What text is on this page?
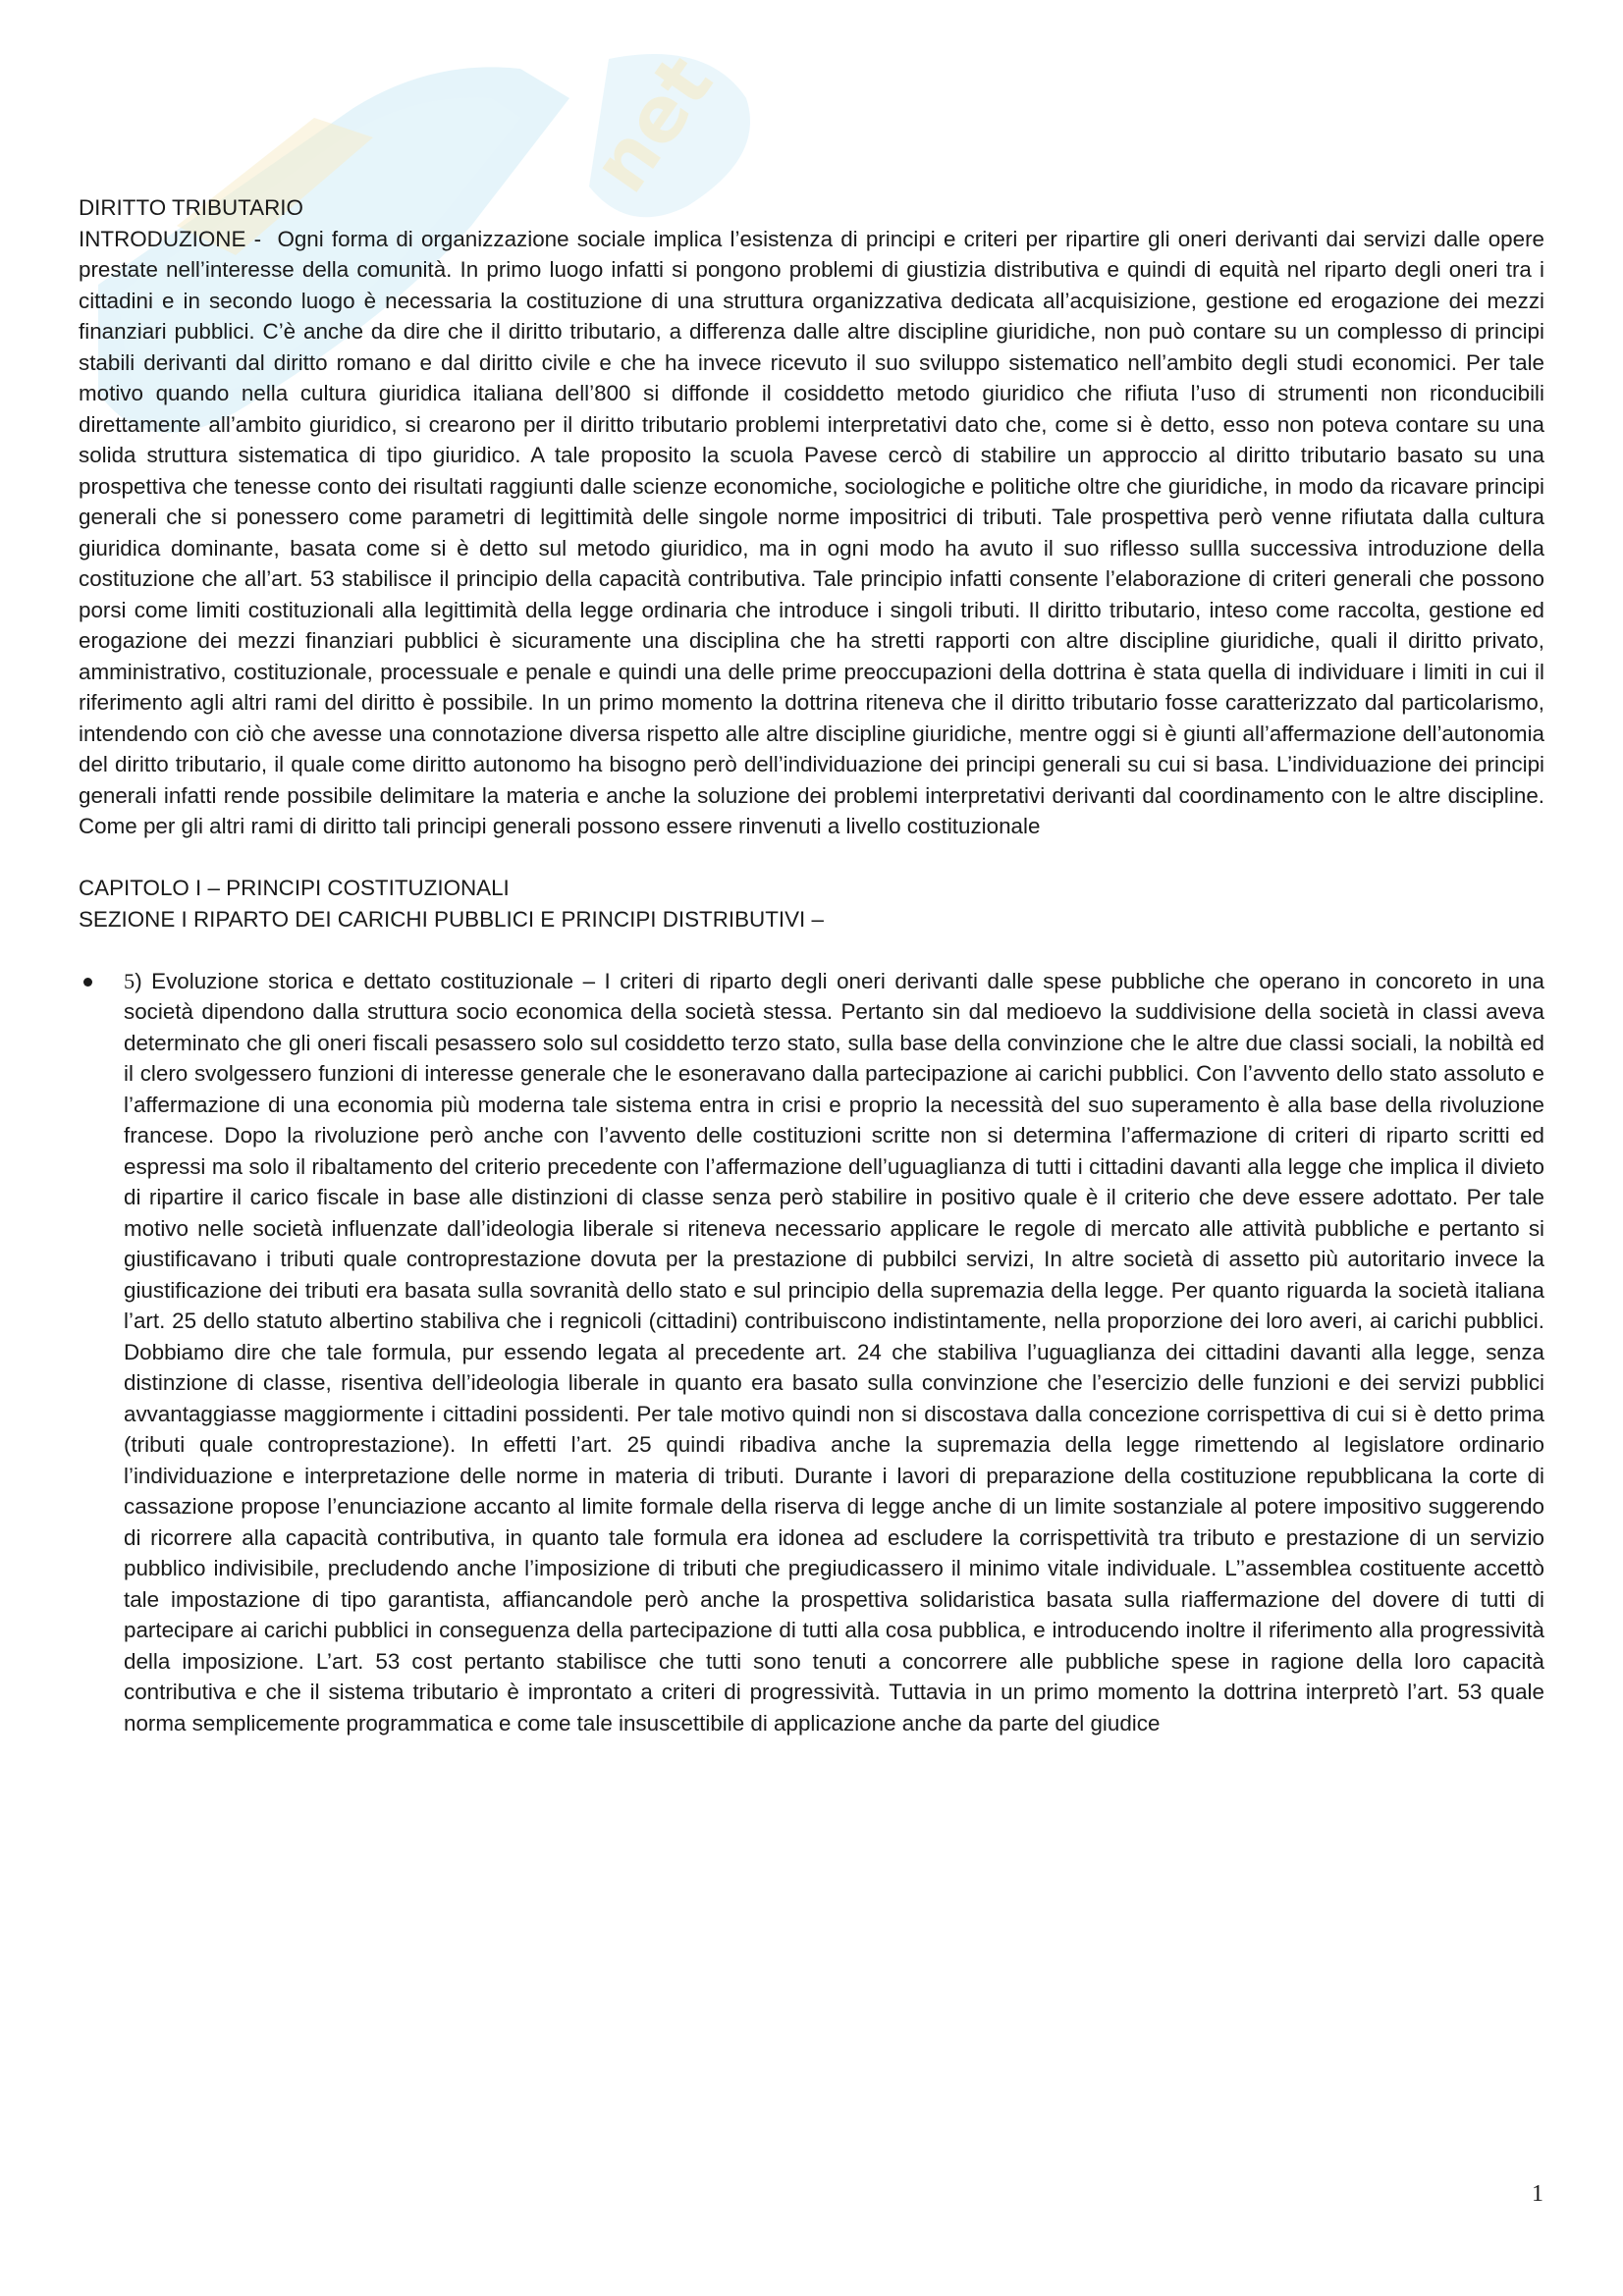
net

DIRITTO TRIBUTARIO

INTRODUZIONE -  Ogni forma di organizzazione sociale implica l’esistenza di principi e criteri per ripartire gli oneri derivanti dai servizi dalle opere prestate nell’interesse della comunità. In primo luogo infatti si pongono problemi di giustizia distributiva e quindi di equità nel riparto degli oneri tra i cittadini e in secondo luogo è necessaria la costituzione di una struttura organizzativa dedicata all’acquisizione, gestione ed erogazione dei mezzi finanziari pubblici. C’è anche da dire che il diritto tributario, a differenza dalle altre discipline giuridiche, non può contare su un complesso di principi stabili derivanti dal diritto romano e dal diritto civile e che ha invece ricevuto il suo sviluppo sistematico nell’ambito degli studi economici. Per tale motivo quando nella cultura giuridica italiana dell’800 si diffonde il cosiddetto metodo giuridico che rifiuta l’uso di strumenti non riconducibili direttamente all’ambito giuridico, si crearono per il diritto tributario problemi interpretativi dato che, come si è detto, esso non poteva contare su una solida struttura sistematica di tipo giuridico. A tale proposito la scuola Pavese cercò di stabilire un approccio al diritto tributario basato su una prospettiva che tenesse conto dei risultati raggiunti dalle scienze economiche, sociologiche e politiche oltre che giuridiche, in modo da ricavare principi generali che si ponessero come parametri di legittimità delle singole norme impositrici di tributi. Tale prospettiva però venne rifiutata dalla cultura giuridica dominante, basata come si è detto sul metodo giuridico, ma in ogni modo ha avuto il suo riflesso sullla successiva introduzione della costituzione che all’art. 53 stabilisce il principio della capacità contributiva. Tale principio infatti consente l’elaborazione di criteri generali che possono porsi come limiti costituzionali alla legittimità della legge ordinaria che introduce i singoli tributi. Il diritto tributario, inteso come raccolta, gestione ed erogazione dei mezzi finanziari pubblici è sicuramente una disciplina che ha stretti rapporti con altre discipline giuridiche, quali il diritto privato, amministrativo, costituzionale, processuale e penale e quindi una delle prime preoccupazioni della dottrina è stata quella di individuare i limiti in cui il riferimento agli altri rami del diritto è possibile. In un primo momento la dottrina riteneva che il diritto tributario fosse caratterizzato dal particolarismo, intendendo con ciò che avesse una connotazione diversa rispetto alle altre discipline giuridiche, mentre oggi si è giunti all’affermazione dell’autonomia del diritto tributario, il quale come diritto autonomo ha bisogno però dell’individuazione dei principi generali su cui si basa. L’individuazione dei principi generali infatti rende possibile delimitare la materia e anche la soluzione dei problemi interpretativi derivanti dal coordinamento con le altre discipline. Come per gli altri rami di diritto tali principi generali possono essere rinvenuti a livello costituzionale

CAPITOLO I – PRINCIPI COSTITUZIONALI

SEZIONE I RIPARTO DEI CARICHI PUBBLICI E PRINCIPI DISTRIBUTIVI –

5) Evoluzione storica e dettato costituzionale – I criteri di riparto degli oneri derivanti dalle spese pubbliche che operano in concoreto in una società dipendono dalla struttura socio economica della società stessa. Pertanto sin dal medioevo la suddivisione della società in classi aveva determinato che gli oneri fiscali pesassero solo sul cosiddetto terzo stato, sulla base della convinzione che le altre due classi sociali, la nobiltà ed il clero svolgessero funzioni di interesse generale che le esoneravano dalla partecipazione ai carichi pubblici. Con l’avvento dello stato assoluto e l’affermazione di una economia più moderna tale sistema entra in crisi e proprio la necessità del suo superamento è alla base della rivoluzione francese. Dopo la rivoluzione però anche con l’avvento delle costituzioni scritte non si determina l’affermazione di criteri di riparto scritti ed espressi ma solo il ribaltamento del criterio precedente con l’affermazione dell’uguaglianza di tutti i cittadini davanti alla legge che implica il divieto di ripartire il carico fiscale in base alle distinzioni di classe senza però stabilire in positivo quale è il criterio che deve essere adottato. Per tale motivo nelle società influenzate dall’ideologia liberale si riteneva necessario applicare le regole di mercato alle attività pubbliche e pertanto si giustificavano i tributi quale controprestazione dovuta per la prestazione di pubbilci servizi, In altre società di assetto più autoritario invece la giustificazione dei tributi era basata sulla sovranità dello stato e sul principio della supremazia della legge. Per quanto riguarda la società italiana l’art. 25 dello statuto albertino stabiliva che i regnicoli (cittadini) contribuiscono indistintamente, nella proporzione dei loro averi, ai carichi pubblici. Dobbiamo dire che tale formula, pur essendo legata al precedente art. 24 che stabiliva l’uguaglianza dei cittadini davanti alla legge, senza distinzione di classe, risentiva dell’ideologia liberale in quanto era basato sulla convinzione che l’esercizio delle funzioni e dei servizi pubblici avvantaggiasse maggiormente i cittadini possidenti. Per tale motivo quindi non si discostava dalla concezione corrispettiva di cui si è detto prima (tributi quale controprestazione). In effetti l’art. 25 quindi ribadiva anche la supremazia della legge rimettendo al legislatore ordinario l’individuazione e interpretazione delle norme in materia di tributi. Durante i lavori di preparazione della costituzione repubblicana la corte di cassazione propose l’enunciazione accanto al limite formale della riserva di legge anche di un limite sostanziale al potere impositivo suggerendo di ricorrere alla capacità contributiva, in quanto tale formula era idonea ad escludere la corrispettività tra tributo e prestazione di un servizio pubblico indivisibile, precludendo anche l’imposizione di tributi che pregiudicassero il minimo vitale individuale. L’’assemblea costituente accettò tale impostazione di tipo garantista, affiancandole però anche la prospettiva solidaristica basata sulla riaffermazione del dovere di tutti di partecipare ai carichi pubblici in conseguenza della partecipazione di tutti alla cosa pubblica, e introducendo inoltre il riferimento alla progressività della imposizione. L’art. 53 cost pertanto stabilisce che tutti sono tenuti a concorrere alle pubbliche spese in ragione della loro capacità contributiva e che il sistema tributario è improntato a criteri di progressività. Tuttavia in un primo momento la dottrina interpretò l’art. 53 quale norma semplicemente programmatica e come tale insuscettibile di applicazione anche da parte del giudice
1
